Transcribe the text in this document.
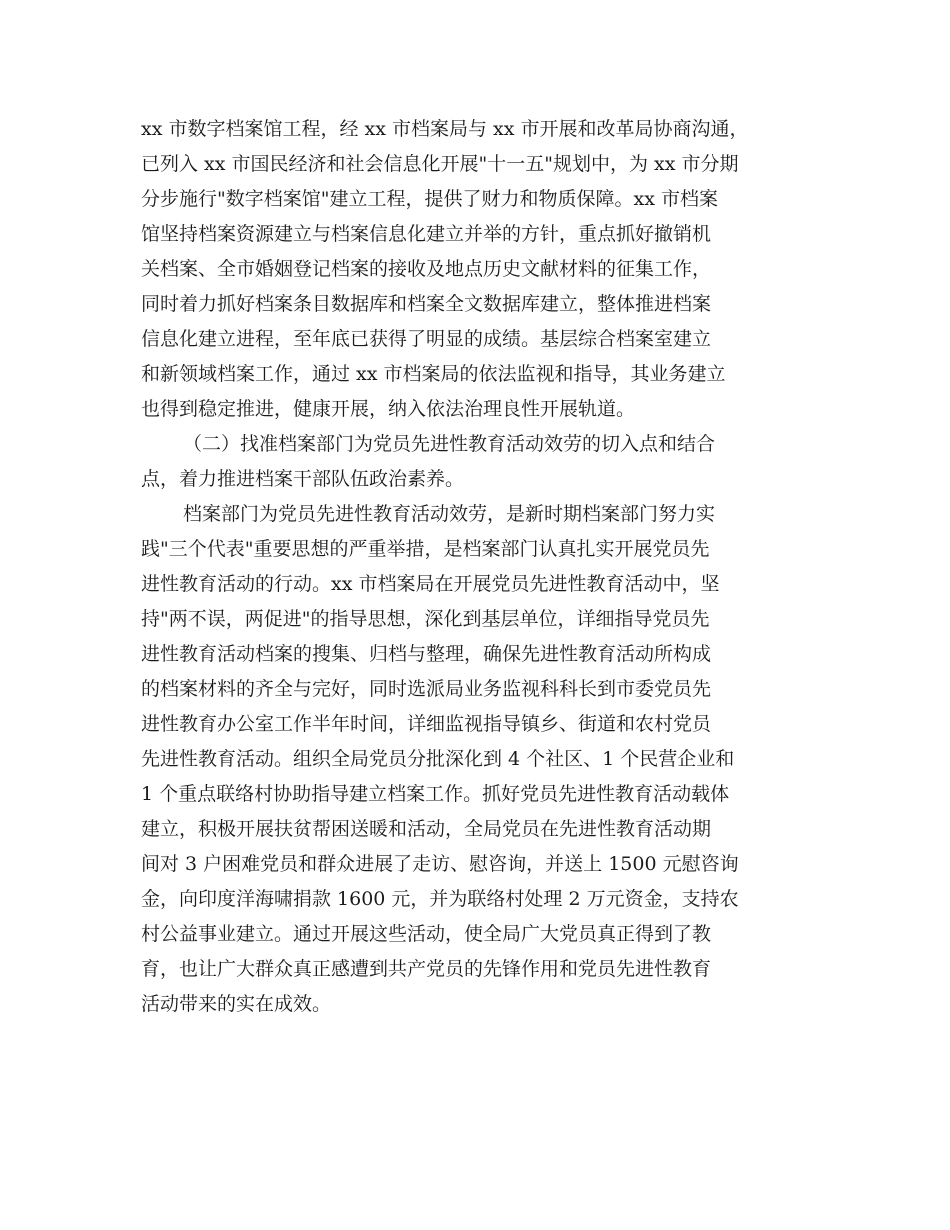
xx 市数字档案馆工程，经 xx 市档案局与 xx 市开展和改革局协商沟通，
已列入 xx 市国民经济和社会信息化开展"十一五"规划中，为 xx 市分期
分步施行"数字档案馆"建立工程，提供了财力和物质保障。xx 市档案
馆坚持档案资源建立与档案信息化建立并举的方针，重点抓好撤销机
关档案、全市婚姻登记档案的接收及地点历史文献材料的征集工作，
同时着力抓好档案条目数据库和档案全文数据库建立，整体推进档案
信息化建立进程，至年底已获得了明显的成绩。基层综合档案室建立
和新领域档案工作，通过 xx 市档案局的依法监视和指导，其业务建立
也得到稳定推进，健康开展，纳入依法治理良性开展轨道。
（二）找准档案部门为党员先进性教育活动效劳的切入点和结合
点，着力推进档案干部队伍政治素养。
档案部门为党员先进性教育活动效劳，是新时期档案部门努力实
践"三个代表"重要思想的严重举措，是档案部门认真扎实开展党员先
进性教育活动的行动。xx 市档案局在开展党员先进性教育活动中，坚
持"两不误，两促进"的指导思想，深化到基层单位，详细指导党员先
进性教育活动档案的搜集、归档与整理，确保先进性教育活动所构成
的档案材料的齐全与完好，同时选派局业务监视科科长到市委党员先
进性教育办公室工作半年时间，详细监视指导镇乡、街道和农村党员
先进性教育活动。组织全局党员分批深化到 4 个社区、1 个民营企业和
1 个重点联络村协助指导建立档案工作。抓好党员先进性教育活动载体
建立，积极开展扶贫帮困送暖和活动，全局党员在先进性教育活动期
间对 3 户困难党员和群众进展了走访、慰咨询，并送上 1500 元慰咨询
金，向印度洋海啸捐款 1600 元，并为联络村处理 2 万元资金，支持农
村公益事业建立。通过开展这些活动，使全局广大党员真正得到了教
育，也让广大群众真正感遭到共产党员的先锋作用和党员先进性教育
活动带来的实在成效。
